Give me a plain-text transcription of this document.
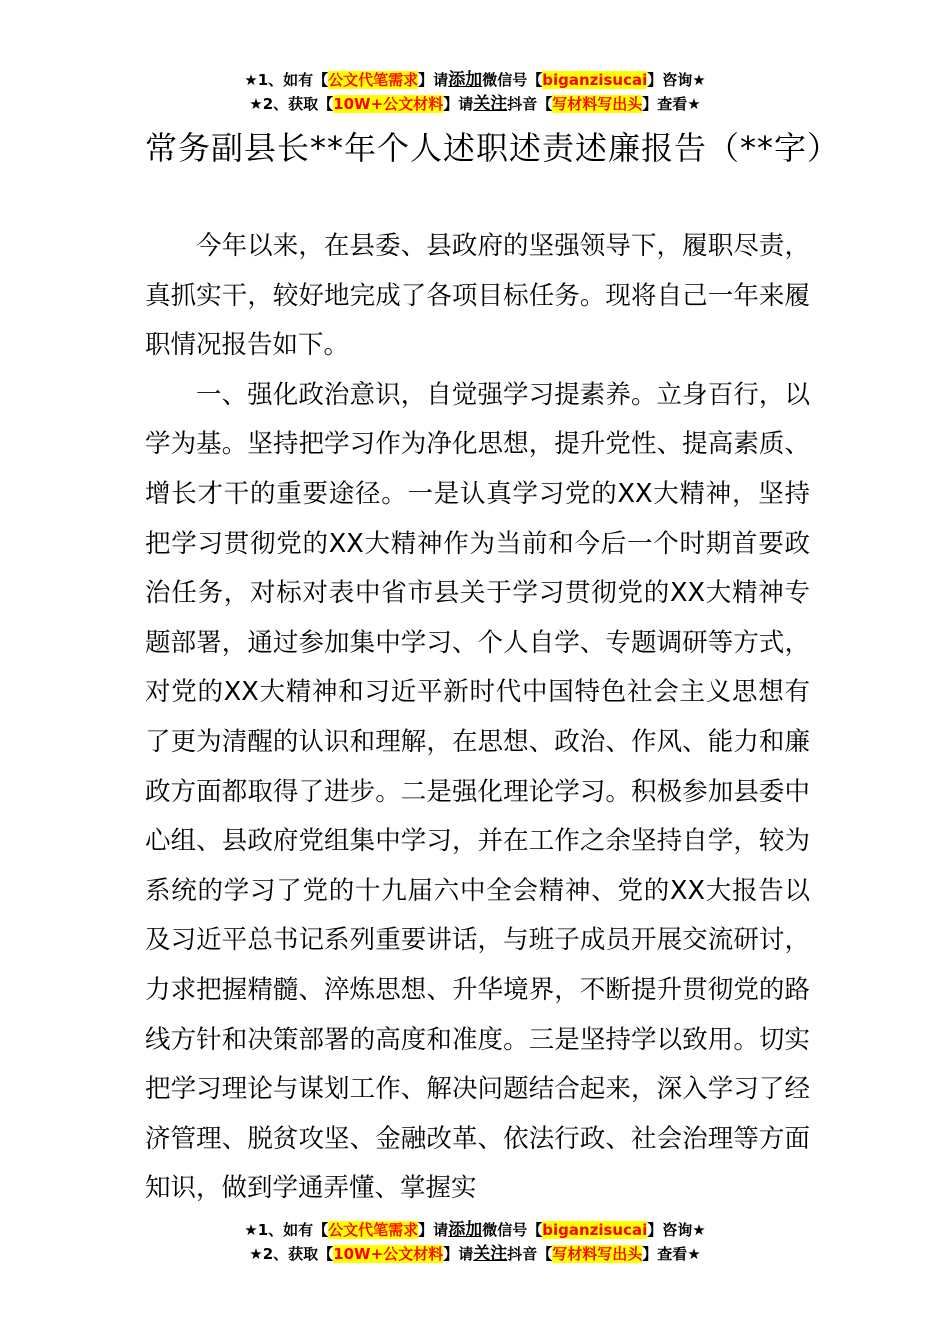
★1、如有【公文代笔需求】请添加微信号【biganzisucai】咨询★
★2、获取【10W+公文材料】请关注抖音【写材料写出头】查看★
常务副县长**年个人述职述责述廉报告（**字）

今年以来，在县委、县政府的坚强领导下，履职尽责，真抓实干，较好地完成了各项目标任务。现将自己一年来履职情况报告如下。

一、强化政治意识，自觉强学习提素养。立身百行，以学为基。坚持把学习作为净化思想，提升党性、提高素质、增长才干的重要途径。一是认真学习党的XX大精神，坚持把学习贯彻党的XX大精神作为当前和今后一个时期首要政治任务，对标对表中省市县关于学习贯彻党的XX大精神专题部署，通过参加集中学习、个人自学、专题调研等方式，对党的XX大精神和习近平新时代中国特色社会主义思想有了更为清醒的认识和理解，在思想、政治、作风、能力和廉政方面都取得了进步。二是强化理论学习。积极参加县委中心组、县政府党组集中学习，并在工作之余坚持自学，较为系统的学习了党的十九届六中全会精神、党的XX大报告以及习近平总书记系列重要讲话，与班子成员开展交流研讨，力求把握精髓、淬炼思想、升华境界，不断提升贯彻党的路线方针和决策部署的高度和准度。三是坚持学以致用。切实把学习理论与谋划工作、解决问题结合起来，深入学习了经济管理、脱贫攻坚、金融改革、依法行政、社会治理等方面知识，做到学通弄懂、掌握实

★1、如有【公文代笔需求】请添加微信号【biganzisucai】咨询★
★2、获取【10W+公文材料】请关注抖音【写材料写出头】查看★
